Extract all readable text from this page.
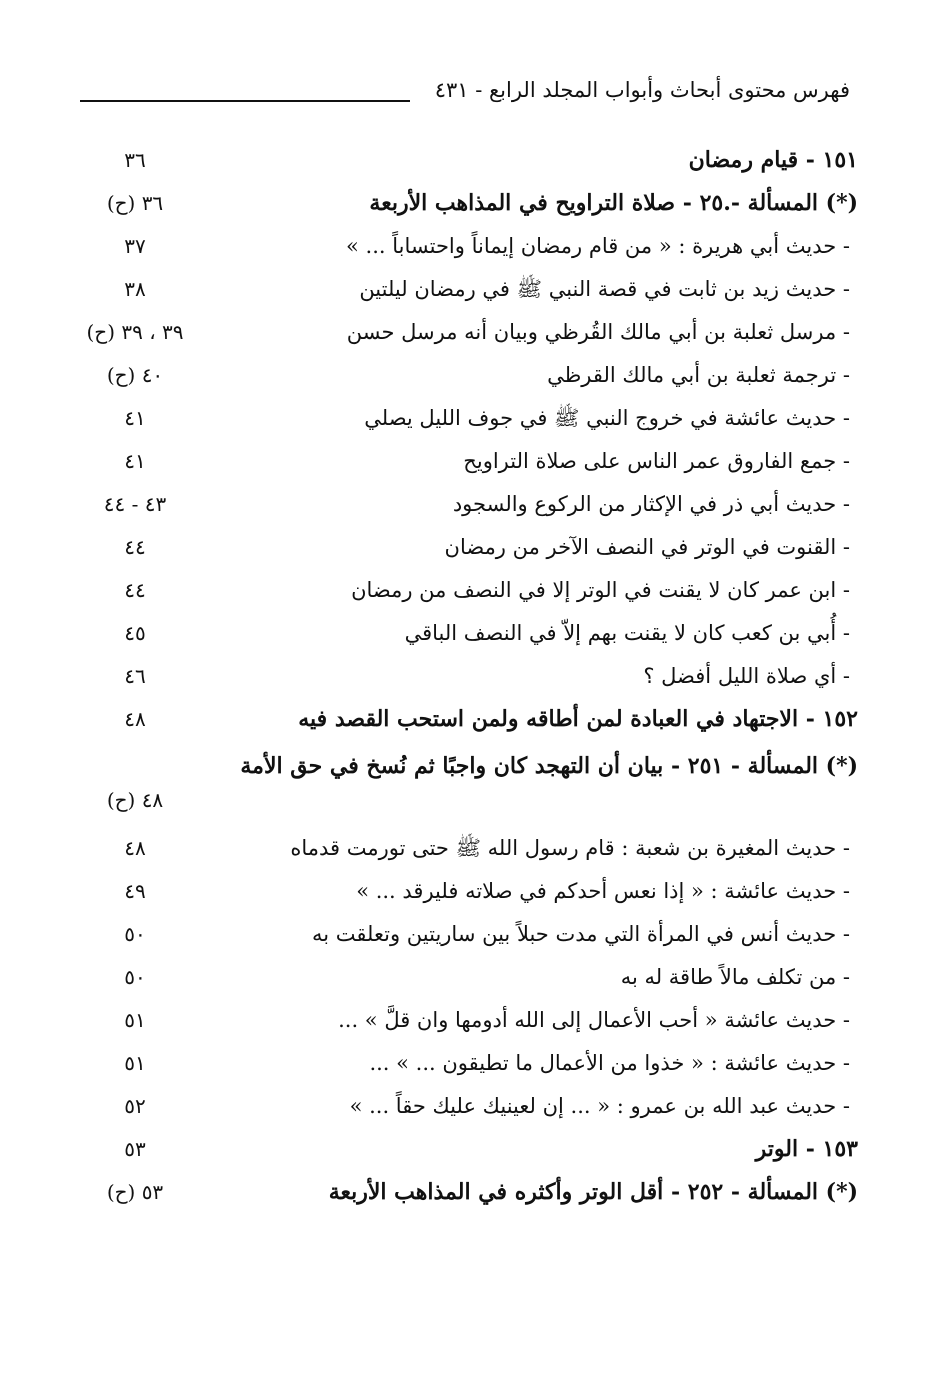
فهرس محتوى أبحاث وأبواب المجلد الرابع - ٤٣١
١٥١ - قيام رمضان
٣٦
(*) المسألة -.٢٥ - صلاة التراويح في المذاهب الأربعة
٣٦ (ح)
- حديث أبي هريرة : « من قام رمضان إيماناً واحتساباً ... »
٣٧
- حديث زيد بن ثابت في قصة النبي ﷺ في رمضان ليلتين
٣٨
- مرسل ثعلبة بن أبي مالك القُرظي وبيان أنه مرسل حسن
٣٩ ، ٣٩ (ح)
- ترجمة ثعلبة بن أبي مالك القرظي
٤٠ (ح)
- حديث عائشة في خروج النبي ﷺ في جوف الليل يصلي
٤١
- جمع الفاروق عمر الناس على صلاة التراويح
٤١
- حديث أبي ذر في الإكثار من الركوع والسجود
٤٣ - ٤٤
- القنوت في الوتر في النصف الآخر من رمضان
٤٤
- ابن عمر كان لا يقنت في الوتر إلا في النصف من رمضان
٤٤
- أُبي بن كعب كان لا يقنت بهم إلاّ في النصف الباقي
٤٥
- أي صلاة الليل أفضل ؟
٤٦
١٥٢ - الاجتهاد في العبادة لمن أطاقه ولمن استحب القصد فيه
٤٨
(*) المسألة - ٢٥١ - بيان أن التهجد كان واجبًا ثم نُسخ في حق الأمة
٤٨ (ح)
- حديث المغيرة بن شعبة : قام رسول الله ﷺ حتى تورمت قدماه
٤٨
- حديث عائشة : « إذا نعس أحدكم في صلاته فليرقد ... »
٤٩
- حديث أنس في المرأة التي مدت حبلاً بين ساريتين وتعلقت به
٥٠
- من تكلف مالاً طاقة له به
٥٠
- حديث عائشة « أحب الأعمال إلى الله أدومها وان قلَّ » ...
٥١
- حديث عائشة : « خذوا من الأعمال ما تطيقون ... » ...
٥١
- حديث عبد الله بن عمرو : « ... إن لعينيك عليك حقاً ... »
٥٢
١٥٣ - الوتر
٥٣
(*) المسألة - ٢٥٢ - أقل الوتر وأكثره في المذاهب الأربعة
٥٣ (ح)
